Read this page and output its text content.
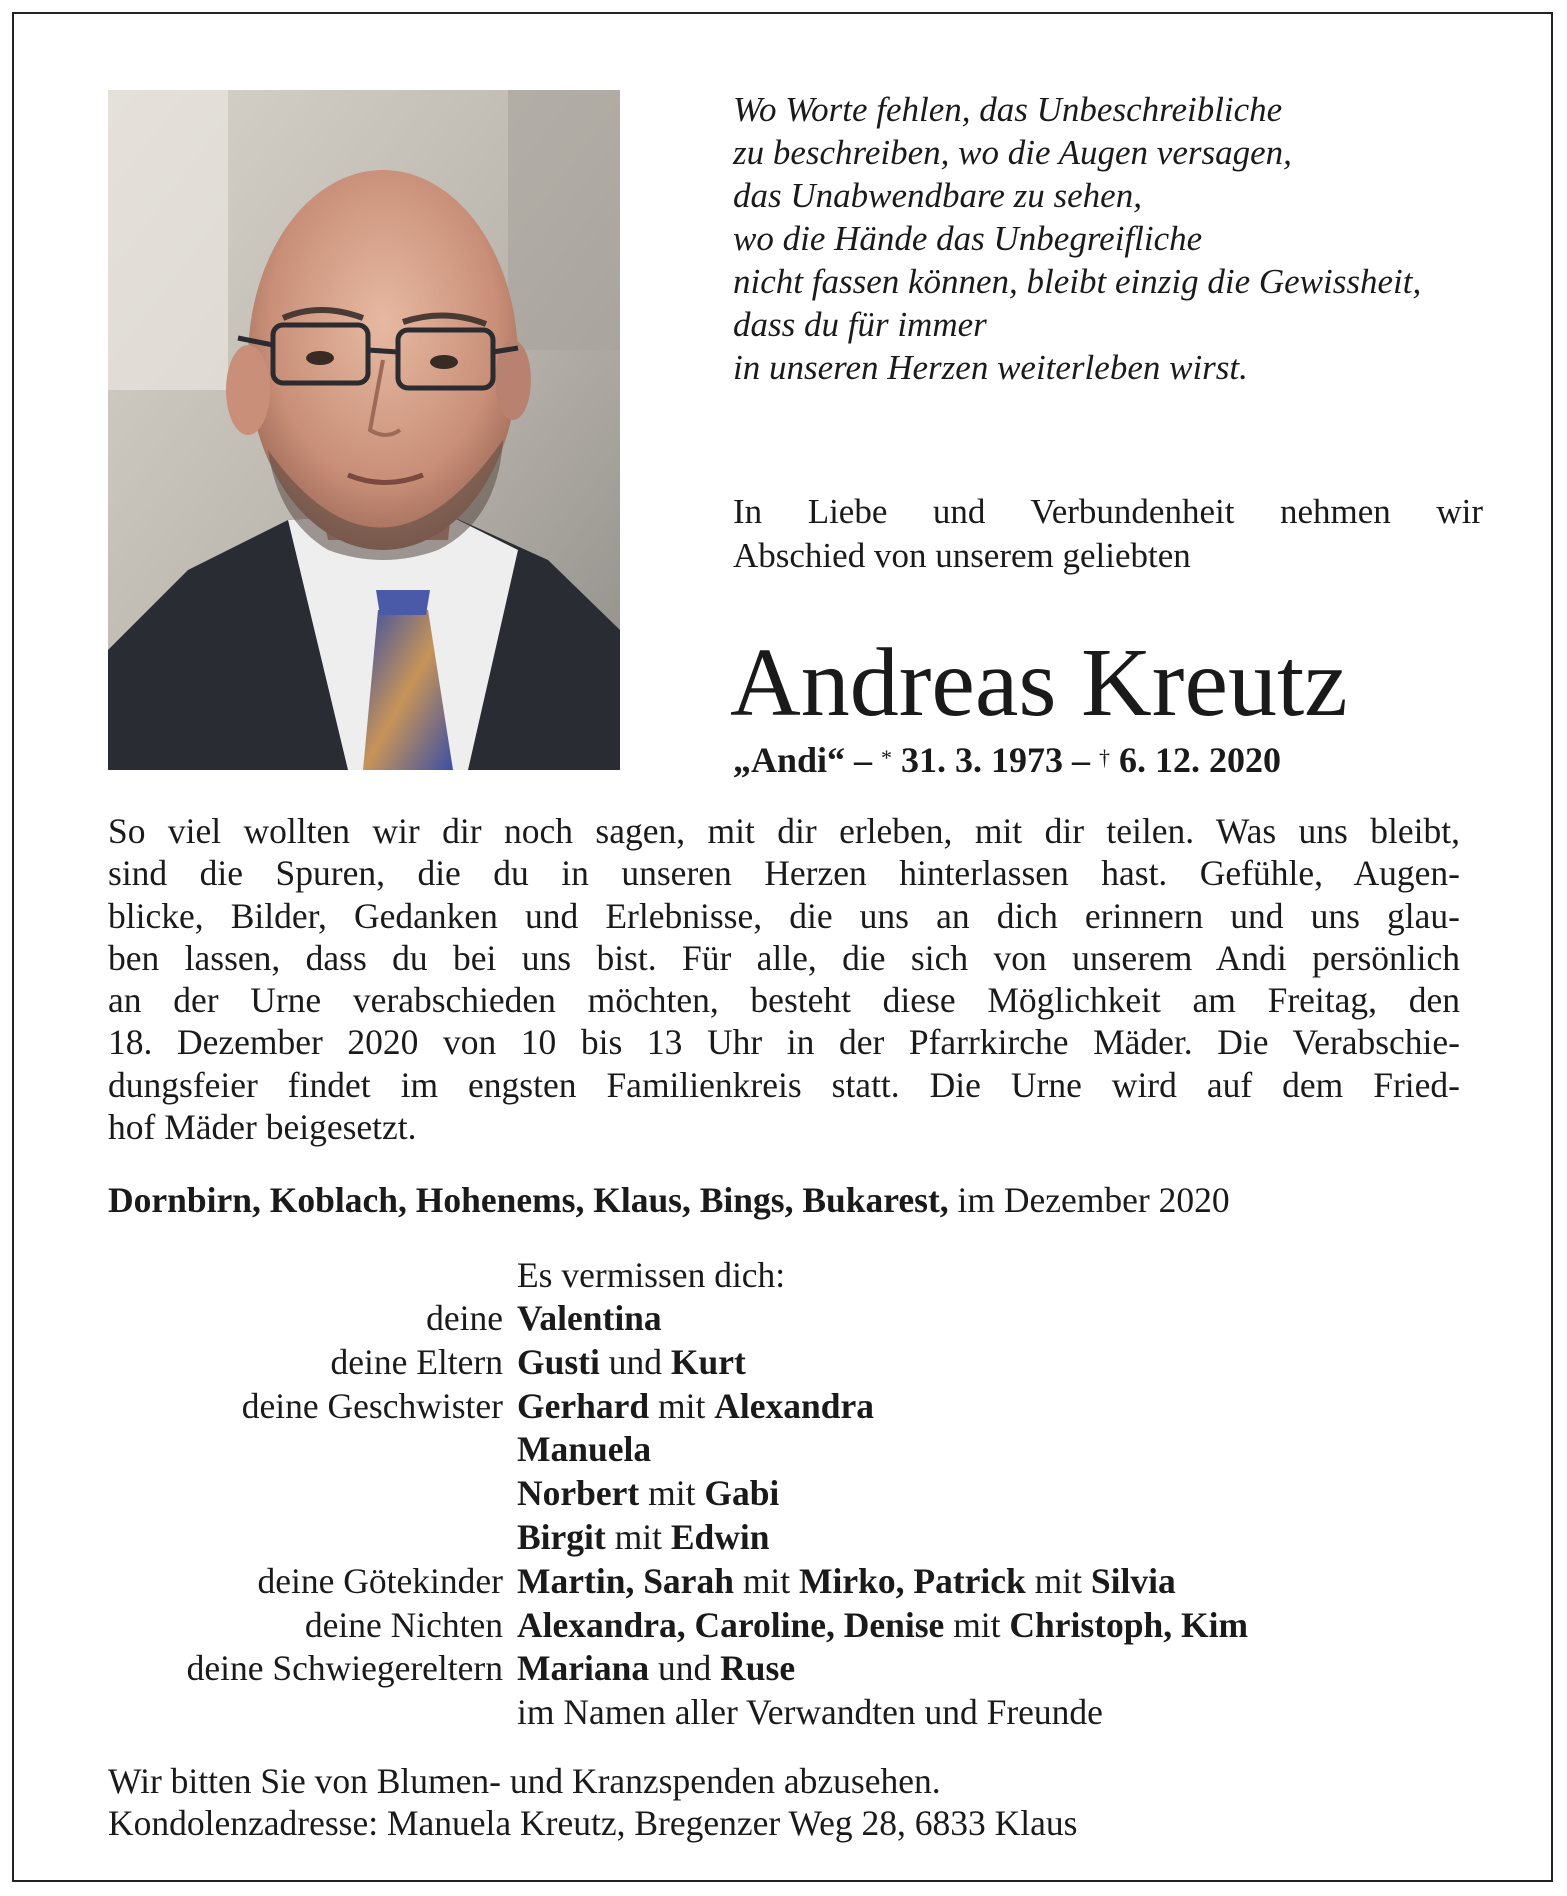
Wo Worte fehlen, das Unbeschreibliche
zu beschreiben, wo die Augen versagen,
das Unabwendbare zu sehen,
wo die Hände das Unbegreifliche
nicht fassen können, bleibt einzig die Gewissheit,
dass du für immer
in unseren Herzen weiterleben wirst.
In Liebe und Verbundenheit nehmen wir
Abschied von unserem geliebten
Andreas Kreutz
„Andi“ – * 31. 3. 1973 – † 6. 12. 2020
So viel wollten wir dir noch sagen, mit dir erleben, mit dir teilen. Was uns bleibt,
sind die Spuren, die du in unseren Herzen hinterlassen hast. Gefühle, Augen-
blicke, Bilder, Gedanken und Erlebnisse, die uns an dich erinnern und uns glau-
ben lassen, dass du bei uns bist. Für alle, die sich von unserem Andi persönlich
an der Urne verabschieden möchten, besteht diese Möglichkeit am Freitag, den
18. Dezember 2020 von 10 bis 13 Uhr in der Pfarrkirche Mäder. Die Verabschie-
dungsfeier findet im engsten Familienkreis statt. Die Urne wird auf dem Fried-
hof Mäder beigesetzt.
Dornbirn, Koblach, Hohenems, Klaus, Bings, Bukarest, im Dezember 2020
Es vermissen dich:
deine Valentina
deine Eltern Gusti und Kurt
deine Geschwister Gerhard mit Alexandra
Manuela
Norbert mit Gabi
Birgit mit Edwin
deine Götekinder Martin, Sarah mit Mirko, Patrick mit Silvia
deine Nichten Alexandra, Caroline, Denise mit Christoph, Kim
deine Schwiegereltern Mariana und Ruse
im Namen aller Verwandten und Freunde
Wir bitten Sie von Blumen- und Kranzspenden abzusehen.
Kondolenzadresse: Manuela Kreutz, Bregenzer Weg 28, 6833 Klaus
